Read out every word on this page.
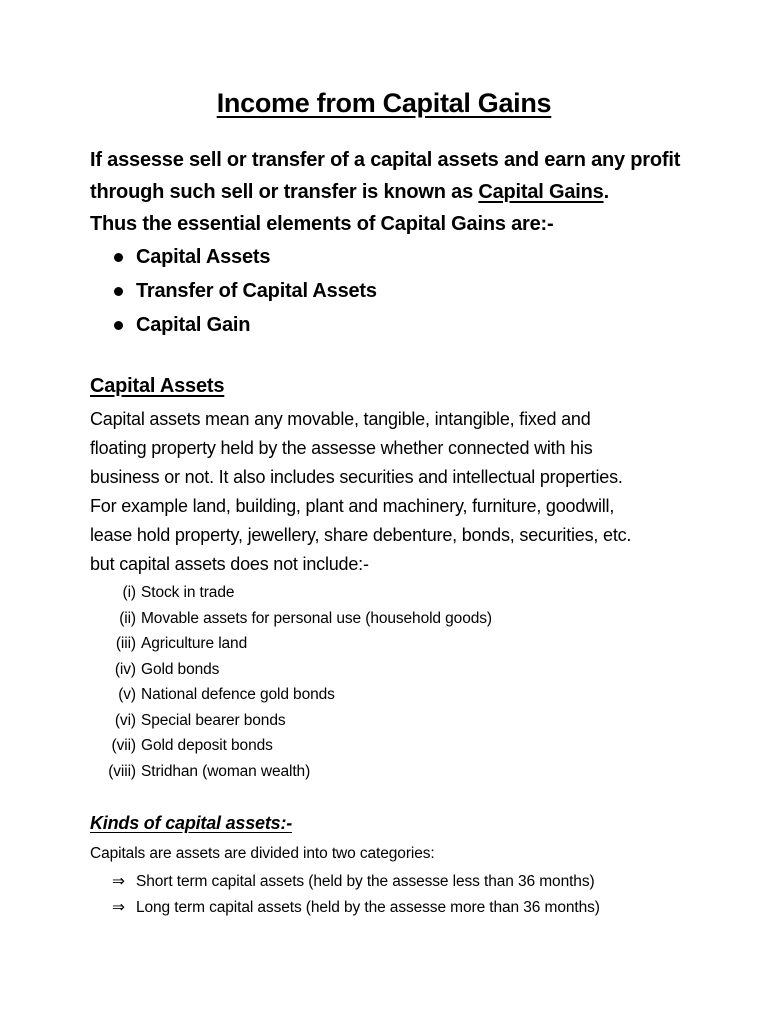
Income from Capital Gains

If assesse sell or transfer of a capital assets and earn any profit

through such sell or transfer is known as Capital Gains.

Thus the essential elements of Capital Gains are:-

Capital Assets
Transfer of Capital Assets
Capital Gain
Capital Assets

Capital assets mean any movable, tangible, intangible, fixed and

floating property held by the assesse whether connected with his

business or not. It also includes securities and intellectual properties.

For example land, building, plant and machinery, furniture, goodwill,

lease hold property, jewellery, share debenture, bonds, securities, etc.

but capital assets does not include:-

(i) Stock in trade
(ii) Movable assets for personal use (household goods)
(iii) Agriculture land
(iv) Gold bonds
(v) National defence gold bonds
(vi) Special bearer bonds
(vii) Gold deposit bonds
(viii) Stridhan (woman wealth)
Kinds of capital assets:-
Capitals are assets are divided into two categories:
⇒ Short term capital assets (held by the assesse less than 36 months)
⇒ Long term capital assets (held by the assesse more than 36 months)
